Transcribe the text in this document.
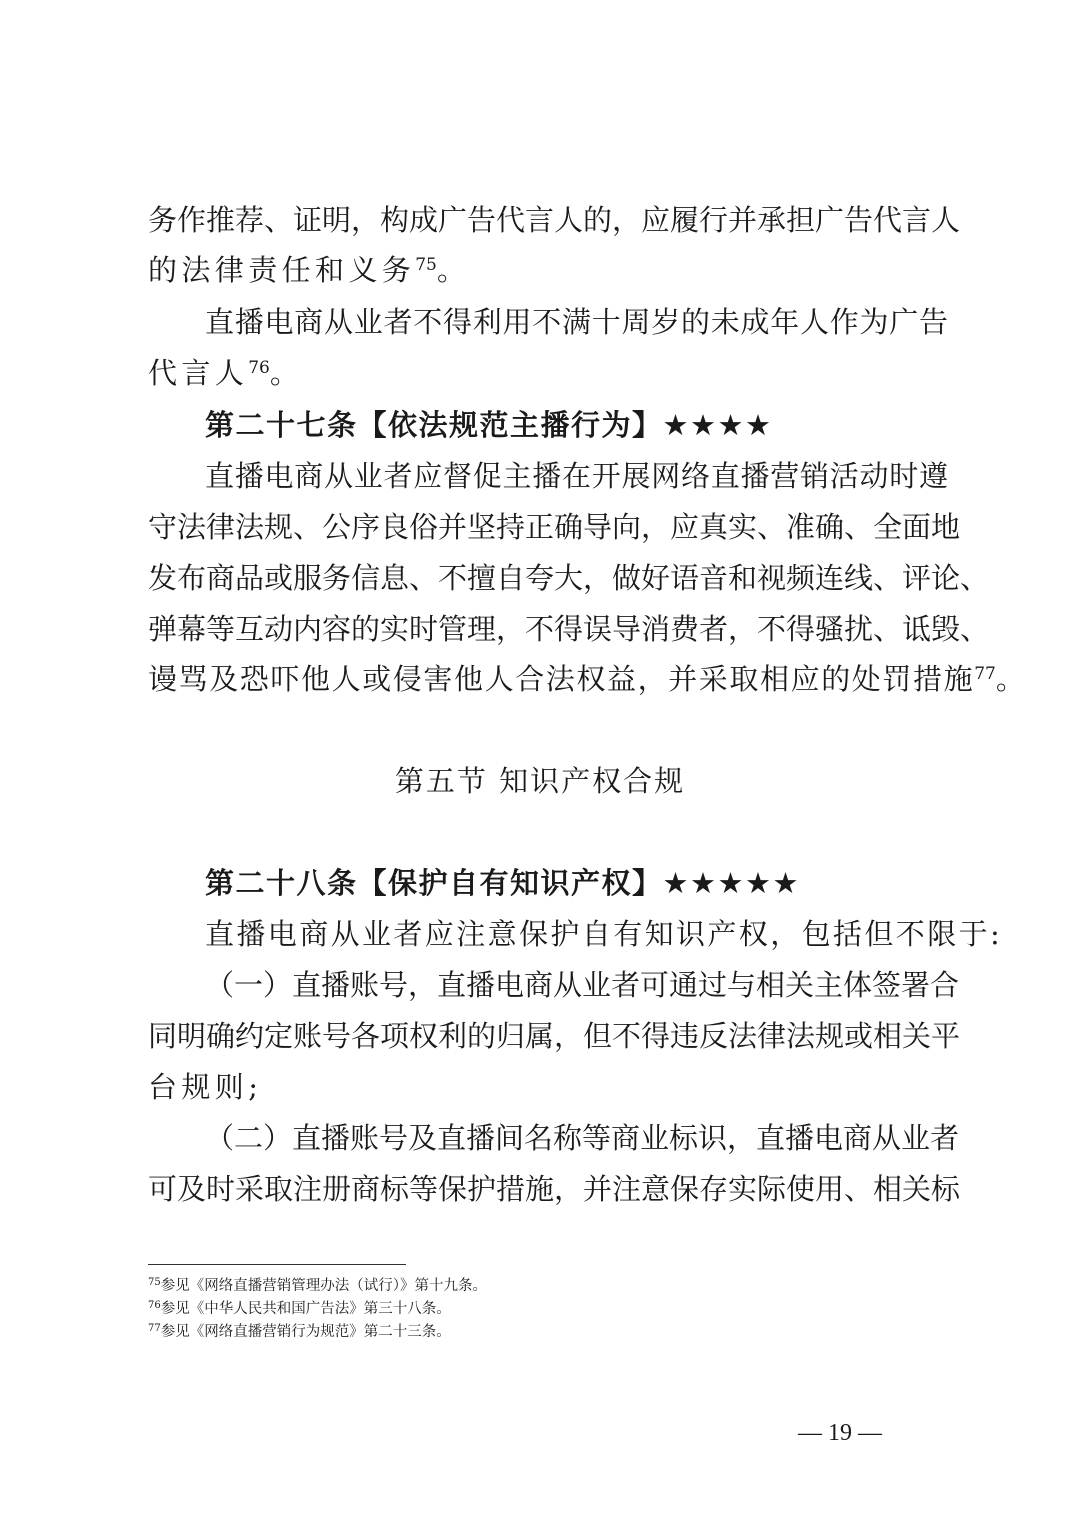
务作推荐、证明，构成广告代言人的，应履行并承担广告代言人
的法律责任和义务$^{75}$。
直播电商从业者不得利用不满十周岁的未成年人作为广告
代言人$^{76}$。
第二十七条【依法规范主播行为】★★★★
直播电商从业者应督促主播在开展网络直播营销活动时遵
守法律法规、公序良俗并坚持正确导向，应真实、准确、全面地
发布商品或服务信息、不擅自夸大，做好语音和视频连线、评论、
弹幕等互动内容的实时管理，不得误导消费者，不得骚扰、诋毁、
谩骂及恐吓他人或侵害他人合法权益，并采取相应的处罚措施$^{77}$。
第五节 知识产权合规
第二十八条【保护自有知识产权】★★★★★
直播电商从业者应注意保护自有知识产权，包括但不限于:
（一）直播账号，直播电商从业者可通过与相关主体签署合
同明确约定账号各项权利的归属，但不得违反法律法规或相关平
台规则;
（二）直播账号及直播间名称等商业标识，直播电商从业者
可及时采取注册商标等保护措施，并注意保存实际使用、相关标
$^{75}$参见《网络直播营销管理办法（试行）》第十九条。
$^{76}$参见《中华人民共和国广告法》第三十八条。
$^{77}$参见《网络直播营销行为规范》第二十三条。
— 19 —
